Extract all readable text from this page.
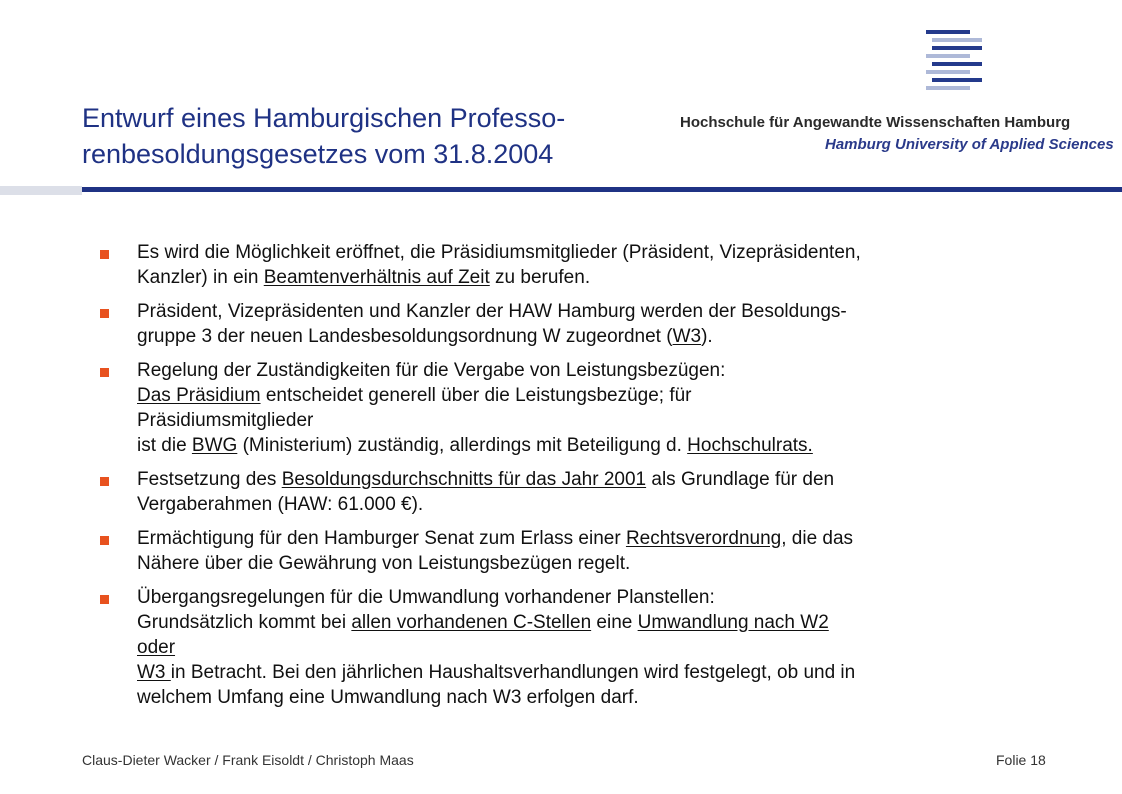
Hochschule für Angewandte Wissenschaften Hamburg
Hamburg University of Applied Sciences
Entwurf eines Hamburgischen Professo-
renbesoldungsgesetzes vom 31.8.2004
Es wird die Möglichkeit eröffnet, die Präsidiumsmitglieder (Präsident, Vizepräsidenten,
Kanzler) in ein Beamtenverhältnis auf Zeit zu berufen.
Präsident, Vizepräsidenten und Kanzler der HAW Hamburg werden der Besoldungs-
gruppe 3 der neuen Landesbesoldungsordnung W zugeordnet (W3).
Regelung der Zuständigkeiten für die Vergabe von Leistungsbezügen:
Das Präsidium entscheidet generell über die Leistungsbezüge; für
Präsidiumsmitglieder
ist die BWG (Ministerium) zuständig, allerdings mit Beteiligung d. Hochschulrats.
Festsetzung des Besoldungsdurchschnitts für das Jahr 2001 als Grundlage für den
Vergaberahmen (HAW: 61.000 €).
Ermächtigung für den Hamburger Senat zum Erlass einer Rechtsverordnung, die das
Nähere über die Gewährung von Leistungsbezügen regelt.
Übergangsregelungen für die Umwandlung vorhandener Planstellen:
Grundsätzlich kommt bei allen vorhandenen C-Stellen eine Umwandlung nach W2
oder
W3 in Betracht. Bei den jährlichen Haushaltsverhandlungen wird festgelegt, ob und in
welchem Umfang eine Umwandlung nach W3 erfolgen darf.
Claus-Dieter Wacker / Frank Eisoldt / Christoph Maas	Folie 18
